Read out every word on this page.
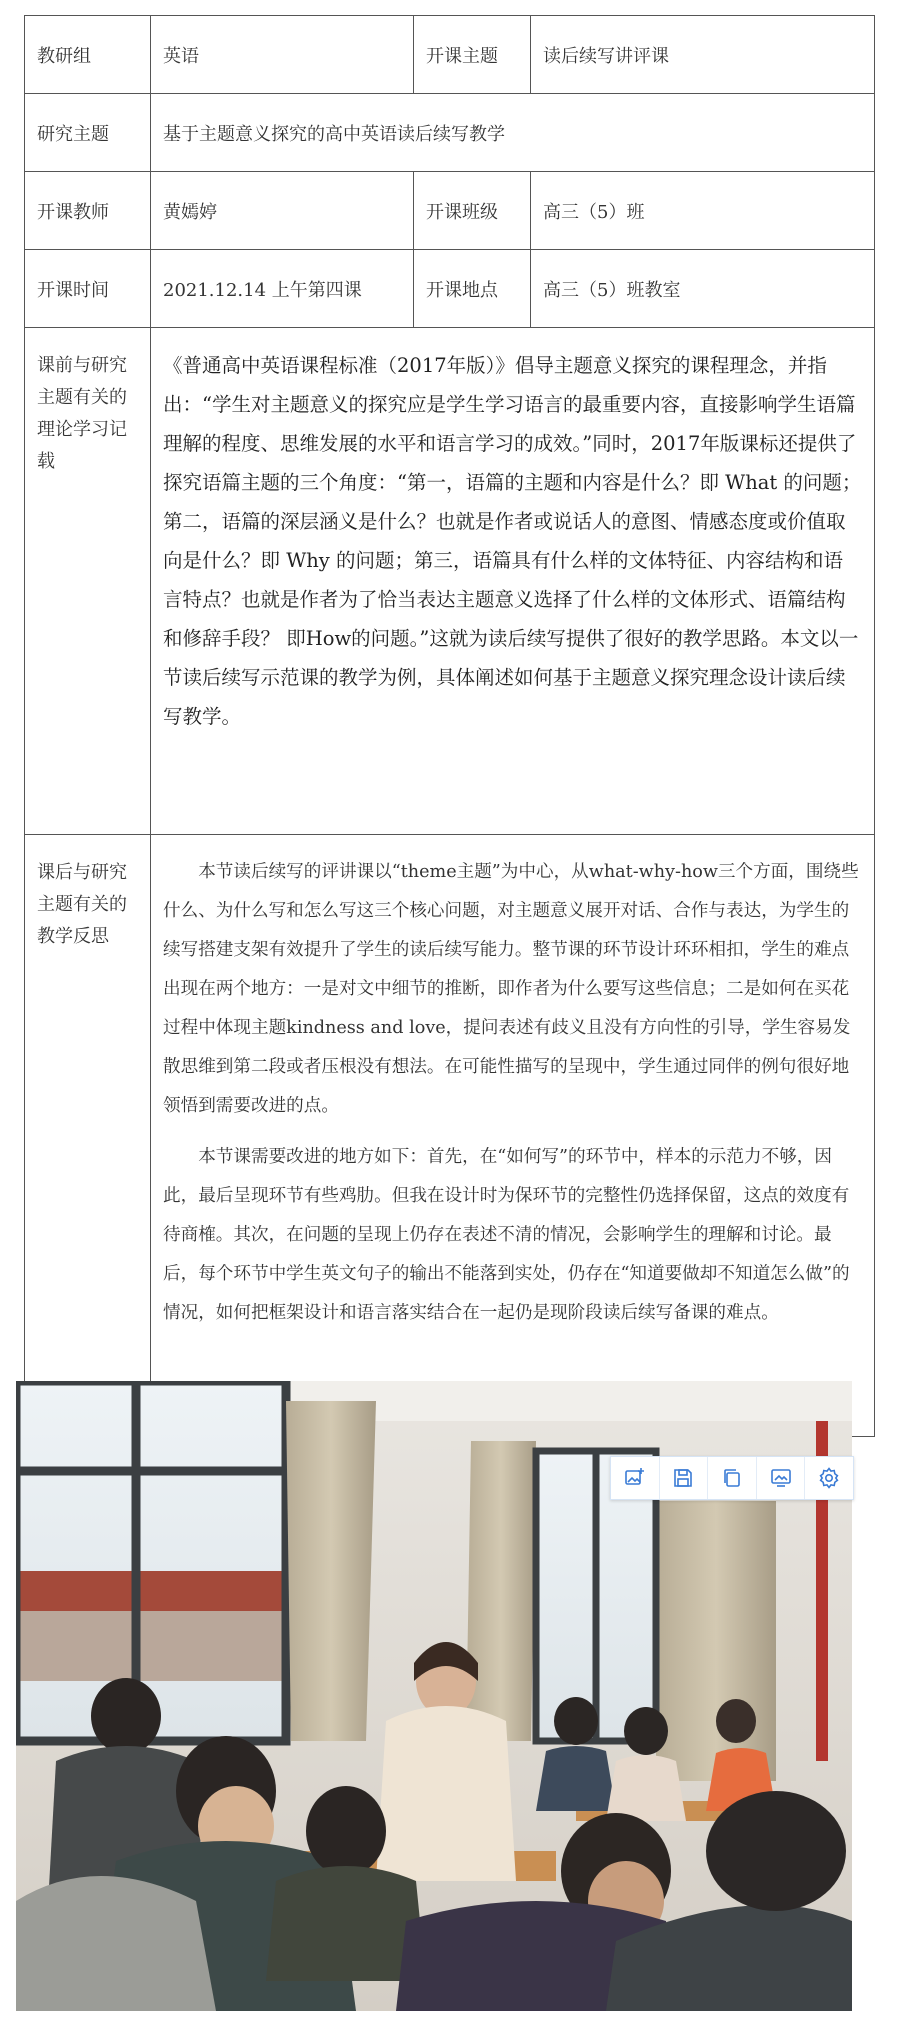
教研组	英语	开课主题	读后续写讲评课
研究主题	基于主题意义探究的高中英语读后续写教学		
开课教师	黄嫣婷	开课班级	高三（5）班
开课时间	2021.12.14 上午第四课	开课地点	高三（5）班教室
课前与研究主题有关的理论学习记载	《普通高中英语课程标准（2017年版）》倡导主题意义探究的课程理念，并指出：“学生对主题意义的探究应是学生学习语言的最重要内容，直接影响学生语篇理解的程度、思维发展的水平和语言学习的成效。”同时，2017年版课标还提供了探究语篇主题的三个角度：“第一，语篇的主题和内容是什么？即 What 的问题；第二，语篇的深层涵义是什么？也就是作者或说话人的意图、情感态度或价值取向是什么？即 Why 的问题；第三，语篇具有什么样的文体特征、内容结构和语言特点？也就是作者为了恰当表达主题意义选择了什么样的文体形式、语篇结构和修辞手段？ 即How的问题。”这就为读后续写提供了很好的教学思路。本文以一节读后续写示范课的教学为例，具体阐述如何基于主题意义探究理念设计读后续写教学。		
课后与研究主题有关的教学反思	本节读后续写的评讲课以“theme主题”为中心，从what-why-how三个方面，围绕些什么、为什么写和怎么写这三个核心问题，对主题意义展开对话、合作与表达，为学生的续写搭建支架有效提升了学生的读后续写能力。整节课的环节设计环环相扣，学生的难点出现在两个地方：一是对文中细节的推断，即作者为什么要写这些信息；二是如何在买花过程中体现主题kindness and love，提问表述有歧义且没有方向性的引导，学生容易发散思维到第二段或者压根没有想法。在可能性描写的呈现中，学生通过同伴的例句很好地领悟到需要改进的点。

本节课需要改进的地方如下：首先，在“如何写”的环节中，样本的示范力不够，因此，最后呈现环节有些鸡肋。但我在设计时为保环节的完整性仍选择保留，这点的效度有待商榷。其次，在问题的呈现上仍存在表述不清的情况，会影响学生的理解和讨论。最后，每个环节中学生英文句子的输出不能落到实处，仍存在“知道要做却不知道怎么做”的情况，如何把框架设计和语言落实结合在一起仍是现阶段读后续写备课的难点。		
